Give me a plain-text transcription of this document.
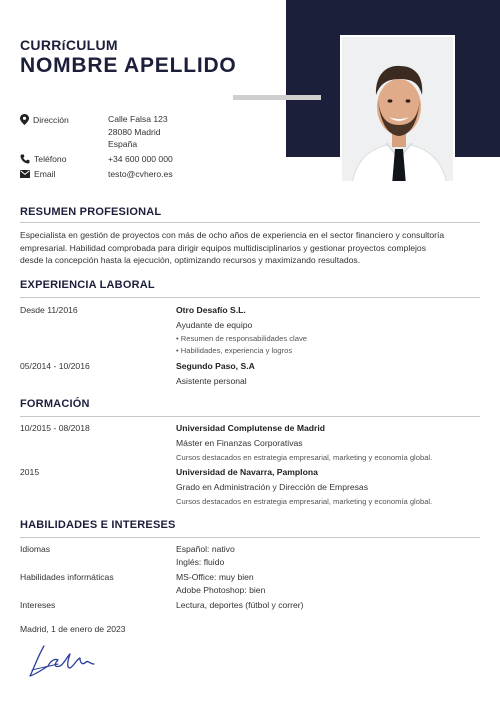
CURRíCULUM
NOMBRE APELLIDO
Dirección	Calle Falsa 123
28080 Madrid
España
Teléfono	+34 600 000 000
Email	testo@cvhero.es
RESUMEN PROFESIONAL
Especialista en gestión de proyectos con más de ocho años de experiencia en el sector financiero y consultoría
empresarial. Habilidad comprobada para dirigir equipos multidisciplinarios y gestionar proyectos complejos
desde la concepción hasta la ejecución, optimizando recursos y maximizando resultados.
EXPERIENCIA LABORAL
Desde 11/2016	Otro Desafío S.L.
Ayudante de equipo
• Resumen de responsabilidades clave
• Habilidades, experiencia y logros
05/2014 - 10/2016	Segundo Paso, S.A
Asistente personal
FORMACIÓN
10/2015 - 08/2018	Universidad Complutense de Madrid
Máster en Finanzas Corporativas
Cursos destacados en estrategia empresarial, marketing y economía global.
2015	Universidad de Navarra, Pamplona
Grado en Administración y Dirección de Empresas
Cursos destacados en estrategia empresarial, marketing y economía global.
HABILIDADES E INTERESES
Idiomas	Español: nativo
Inglés: fluido
Habilidades informáticas	MS-Office: muy bien
Adobe Photoshop: bien
Intereses	Lectura, deportes (fútbol y correr)
Madrid, 1 de enero de 2023
